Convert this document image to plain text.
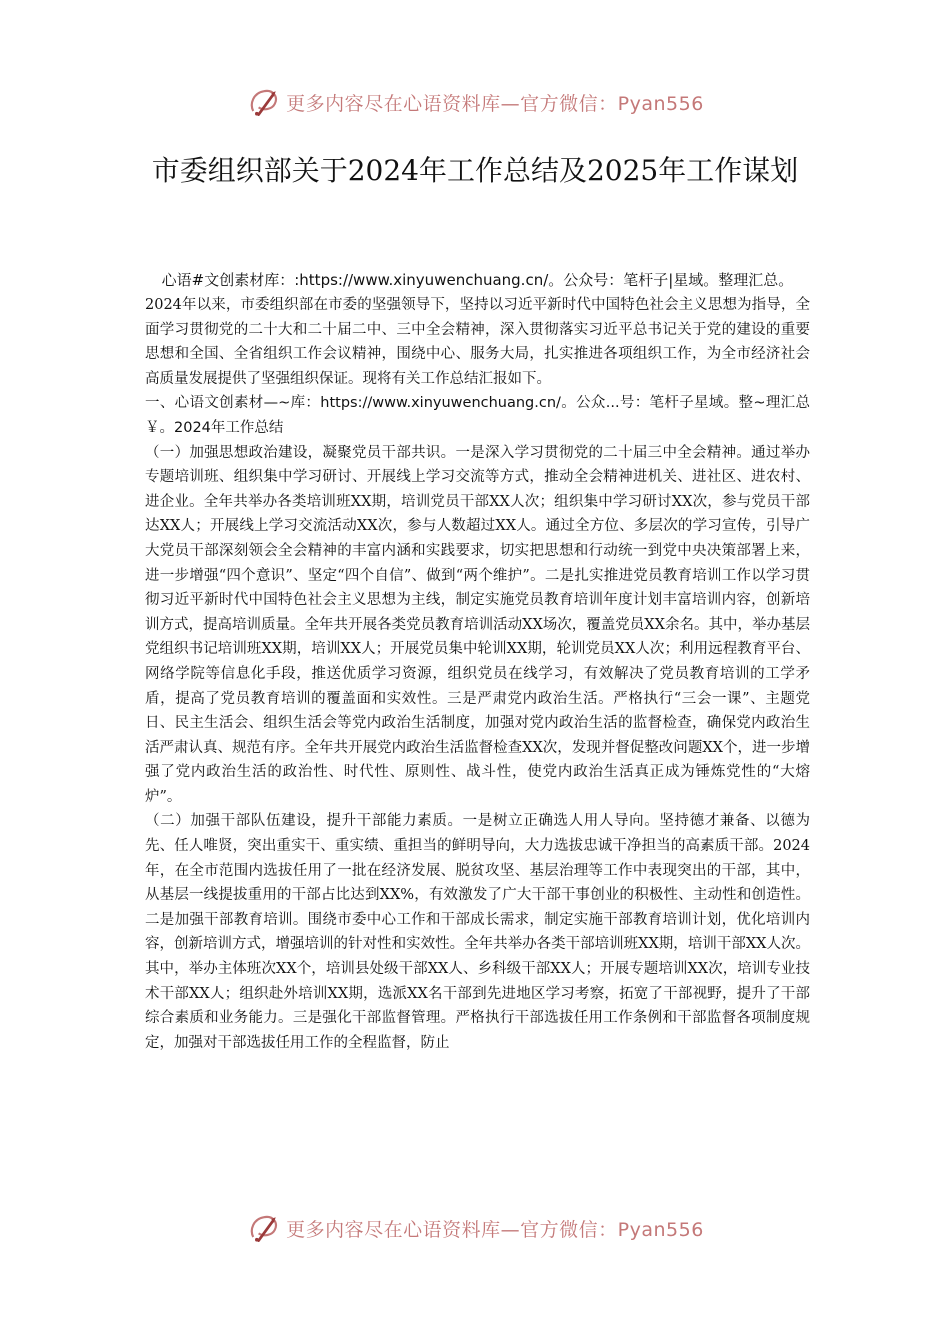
更多内容尽在心语资料库—官方微信：Pyan556
市委组织部关于2024年工作总结及2025年工作谋划

心语#文创素材库：:https://www.xinyuwenchuang.cn/。公众号：笔杆子|星域。整理汇总。

2024年以来，市委组织部在市委的坚强领导下，坚持以习近平新时代中国特色社会主义思想为指导，全面学习贯彻党的二十大和二十届二中、三中全会精神，深入贯彻落实习近平总书记关于党的建设的重要思想和全国、全省组织工作会议精神，围绕中心、服务大局，扎实推进各项组织工作，为全市经济社会高质量发展提供了坚强组织保证。现将有关工作总结汇报如下。

一、心语文创素材—~库：https://www.xinyuwenchuang.cn/。公众...号：笔杆子星域。整~理汇总￥。2024年工作总结

（一）加强思想政治建设，凝聚党员干部共识。一是深入学习贯彻党的二十届三中全会精神。通过举办专题培训班、组织集中学习研讨、开展线上学习交流等方式，推动全会精神进机关、进社区、进农村、进企业。全年共举办各类培训班XX期，培训党员干部XX人次；组织集中学习研讨XX次，参与党员干部达XX人；开展线上学习交流活动XX次，参与人数超过XX人。通过全方位、多层次的学习宣传，引导广大党员干部深刻领会全会精神的丰富内涵和实践要求，切实把思想和行动统一到党中央决策部署上来，进一步增强“四个意识”、坚定“四个自信”、做到“两个维护”。二是扎实推进党员教育培训工作以学习贯彻习近平新时代中国特色社会主义思想为主线，制定实施党员教育培训年度计划丰富培训内容，创新培训方式，提高培训质量。全年共开展各类党员教育培训活动XX场次，覆盖党员XX余名。其中，举办基层党组织书记培训班XX期，培训XX人；开展党员集中轮训XX期，轮训党员XX人次；利用远程教育平台、网络学院等信息化手段，推送优质学习资源，组织党员在线学习，有效解决了党员教育培训的工学矛盾，提高了党员教育培训的覆盖面和实效性。三是严肃党内政治生活。严格执行“三会一课”、主题党日、民主生活会、组织生活会等党内政治生活制度，加强对党内政治生活的监督检查，确保党内政治生活严肃认真、规范有序。全年共开展党内政治生活监督检查XX次，发现并督促整改问题XX个，进一步增强了党内政治生活的政治性、时代性、原则性、战斗性，使党内政治生活真正成为锤炼党性的“大熔炉”。

（二）加强干部队伍建设，提升干部能力素质。一是树立正确选人用人导向。坚持德才兼备、以德为先、任人唯贤，突出重实干、重实绩、重担当的鲜明导向，大力选拔忠诚干净担当的高素质干部。2024年，在全市范围内选拔任用了一批在经济发展、脱贫攻坚、基层治理等工作中表现突出的干部，其中，从基层一线提拔重用的干部占比达到XX%，有效激发了广大干部干事创业的积极性、主动性和创造性。二是加强干部教育培训。围绕市委中心工作和干部成长需求，制定实施干部教育培训计划，优化培训内容，创新培训方式，增强培训的针对性和实效性。全年共举办各类干部培训班XX期，培训干部XX人次。其中，举办主体班次XX个，培训县处级干部XX人、乡科级干部XX人；开展专题培训XX次，培训专业技术干部XX人；组织赴外培训XX期，选派XX名干部到先进地区学习考察，拓宽了干部视野，提升了干部综合素质和业务能力。三是强化干部监督管理。严格执行干部选拔任用工作条例和干部监督各项制度规定，加强对干部选拔任用工作的全程监督，防止

更多内容尽在心语资料库—官方微信：Pyan556
